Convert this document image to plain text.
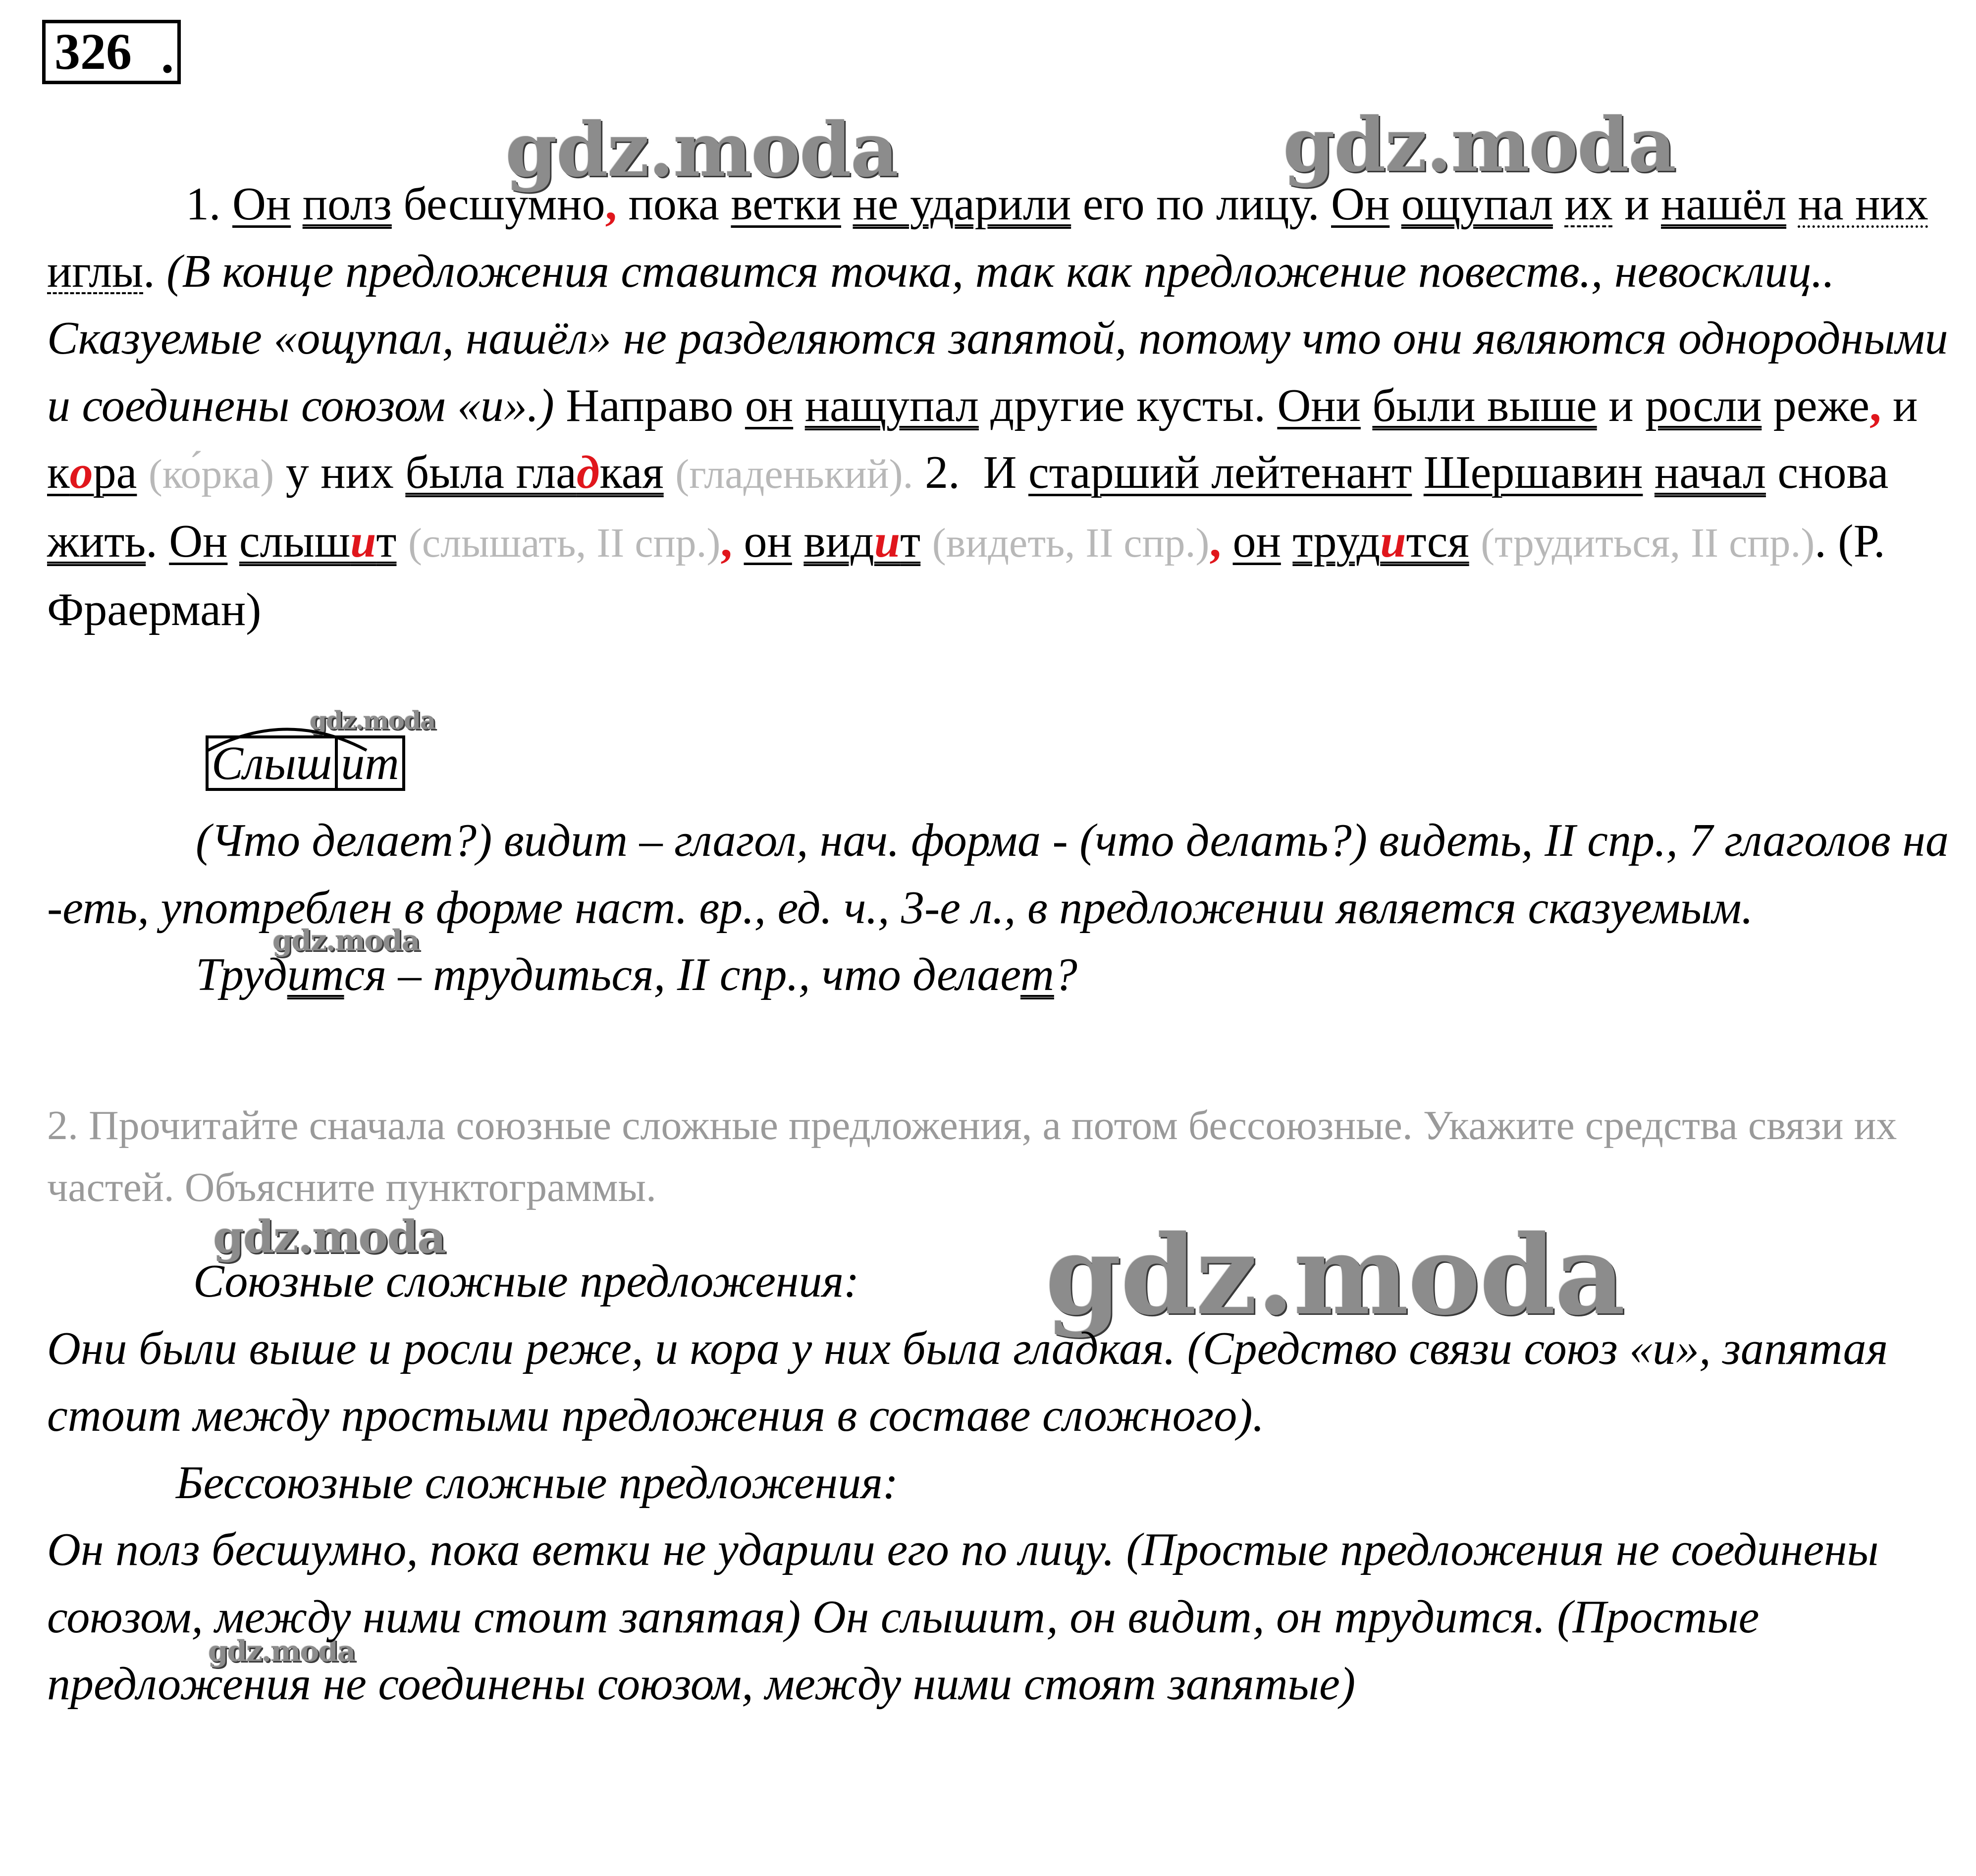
326 .
gdz.moda	gdz.moda
gdz.moda
gdz.moda
gdz.moda	gdz.moda
gdz.moda
1. Он полз бесшумно, пока ветки не ударили его по лицу. Он ощупал их и нашёл на них иглы. (В конце предложения ставится точка, так как предложение повеств., невосклиц.. Сказуемые «ощупал, нашёл» не разделяются запятой, потому что они являются однородными и соединены союзом «и».) Направо он нащупал другие кусты. Они были выше и росли реже, и кора (ко́рка) у них была гладкая (гладенький). 2. И старший лейтенант Шершавин начал снова жить. Он слышит (слышать, II спр.), он видит (видеть, II спр.), он трудится (трудиться, II спр.). (Р. Фраерман)
Слыш ит
(Что делает?) видит – глагол, нач. форма - (что делать?) видеть, II спр., 7 глаголов на -еть, употреблен в форме наст. вр., ед. ч., 3-е л., в предложении является сказуемым.
Трудится – трудиться, II спр., что делает?
2. Прочитайте сначала союзные сложные предложения, а потом бессоюзные. Укажите средства связи их частей. Объясните пунктограммы.
Союзные сложные предложения:
Они были выше и росли реже, и кора у них была гладкая. (Средство связи союз «и», запятая стоит между простыми предложения в составе сложного).
Бессоюзные сложные предложения:
Он полз бесшумно, пока ветки не ударили его по лицу. (Простые предложения не соединены союзом, между ними стоит запятая) Он слышит, он видит, он трудится. (Простые предложения не соединены союзом, между ними стоят запятые)
